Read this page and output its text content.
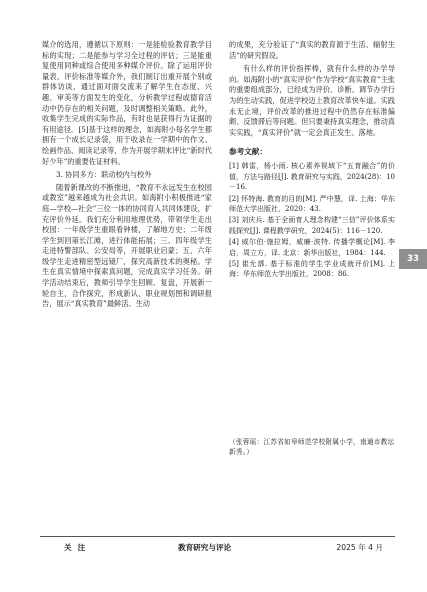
媒介的选用，遵循以下原则：一是能检验教育教学目标的实现；二是能参与学习全过程的评估；三是能重复使用同种或综合使用多种媒介评价。除了运用评价量表、评价标准等媒介外，我们制订出重开展个别或群体访谈，通过面对面交流来了解学生在态度、兴趣、审美等方面发生的变化，分析教学过程或德育活动中仍存在的相关问题，及时调整相关策略。此外，收集学生完成的实际作品，有时也是获得行为证据的有用途径。[5]基于这样的理念，如海附小每名学生都拥有一个成长记录袋，用于收录在一学期中的作文、绘画作品、阅读记录等，作为开展学期末评比“新时代好少年”的重要佐证材料。

3. 协同多方：联动校内与校外

随着新课改的不断推进，“教育不永远发生在校园或教室”越来越成为社会共识。如海附小积极推进“家庭—学校—社会”三位一体的协同育人共同体建设，扩充评价外延。我们充分利用地理优势，带领学生走出校园：一年级学生重眼看钟楼，了解地方史；二年级学生到回第长江滩，进行体能拓展；三、四年级学生走进特警部队、公安局等，开展职业启蒙；五、六年级学生走进精密型远镜厂，探究高新技术的奥秘。学生在真实情境中探索真问题，完成真实学习任务。研学活动结束后，教师引导学生回顾、复盘，开展新一轮自主，合作探究，形成新认、职业规划图和调研报告，展示“真实教育”最鲜活、生动

的成果，充分验证了“真实的教育源于生活、辐射生活”的研究假设。

有什么样的评价指挥棒，就有什么样的办学导向。如海附小的“真实评价”作为学校“真实教育”主张的重要组成部分，已经成为评价、诊断、调节办学行为的生动实践，促进学校迈上教育改革快车道。实践永无止境，评价改革的推进过程中仍然存在标准偏颇、反馈滞后等问题。但只要秉持真实理念，推动真实实践，“真实评价”就一定会真正发生、落地。

参考文献：

[1] 韩雷，杨小雨. 核心素养视域下“五育融合”的价值，方法与路径[J]. 教育研究与实践，2024(28)：10－16.

[2] 怀特海. 教育的目的[M]. 严中慧，译. 上海：华东师范大学出版社，2020：43.

[3] 刘庆兵. 基于全面育人理念构建“三信”评价体系实践探究[J]. 课程教学研究，2024(5)：116－120.

[4] 威尔伯·施拉姆，威廉·波特. 传播学概论[M]. 李启，周立方，译. 北京：新华出版社，1984：144.

[5] 崔允漷. 基于标准的学生学业成就评价[M]. 上海：华东师范大学出版社，2008：86.

（张蓉瑶：江苏省如皋师范学校附属小学，南通市教坛新秀。）
33
关注	教育研究与评论	2025 年 4 月
